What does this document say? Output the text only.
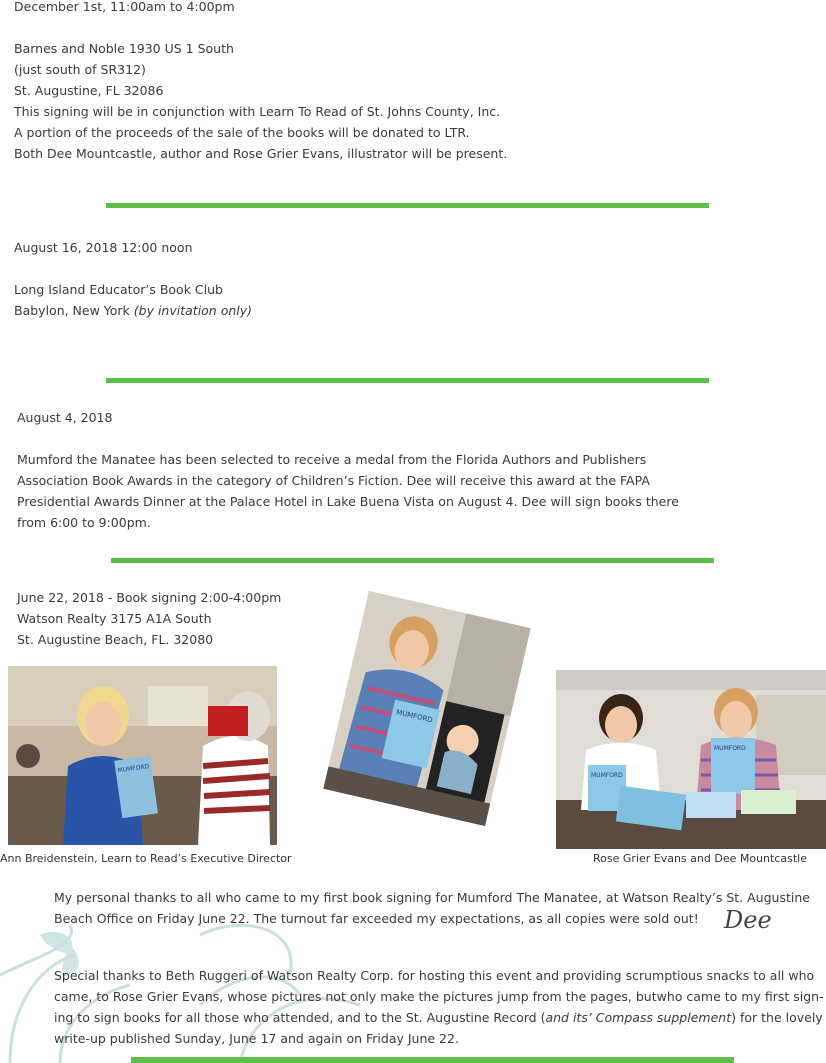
December 1st, 11:00am to 4:00pm
Barnes and Noble 1930 US 1 South
(just south of SR312)
St. Augustine, FL 32086
This signing will be in conjunction with Learn To Read of St. Johns County, Inc.
A portion of the proceeds of the sale of the books will be donated to LTR.
Both Dee Mountcastle, author and Rose Grier Evans, illustrator will be present.
August 16, 2018 12:00 noon
Long Island Educator’s Book Club
Babylon, New York (by invitation only)
August 4, 2018
Mumford the Manatee has been selected to receive a medal from the Florida Authors and Publishers
Association Book Awards in the category of Children’s Fiction. Dee will receive this award at the FAPA
Presidential Awards Dinner at the Palace Hotel in Lake Buena Vista on August 4. Dee will sign books there
from 6:00 to 9:00pm.
June 22, 2018 - Book signing 2:00-4:00pm
Watson Realty 3175 A1A South
St. Augustine Beach, FL. 32080
MUMFORD
MUMFORD
MUMFORD
MUMFORD
Ann Breidenstein, Learn to Read’s Executive Director	Rose Grier Evans and Dee Mountcastle
My personal thanks to all who came to my first book signing for Mumford The Manatee, at Watson Realty’s St. Augustine
Beach Office on Friday June 22. The turnout far exceeded my expectations, as all copies were sold out!	Dee
Special thanks to Beth Ruggeri of Watson Realty Corp. for hosting this event and providing scrumptious snacks to all who
came, to Rose Grier Evans, whose pictures not only make the pictures jump from the pages, butwho came to my first sign-
ing to sign books for all those who attended, and to the St. Augustine Record (and its’ Compass supplement) for the lovely
write-up published Sunday, June 17 and again on Friday June 22.
